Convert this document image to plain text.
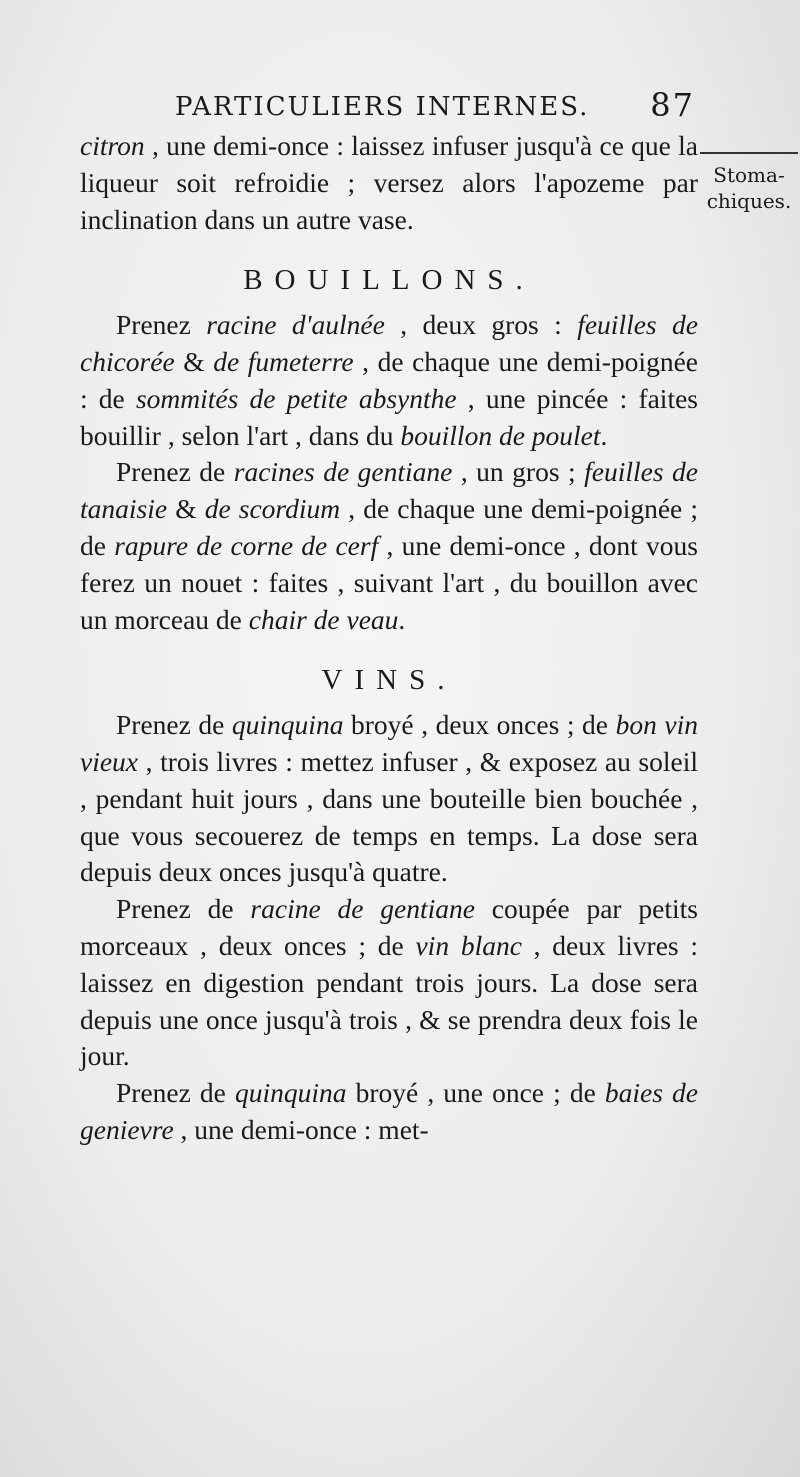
PARTICULIERS INTERNES. 87
Stoma-
chiques.

citron , une demi-once : laissez infuser jusqu'à ce que la liqueur soit refroidie ; versez alors l'apozeme par inclination dans un autre vase.

BOUILLONS.

Prenez racine d'aulnée , deux gros : feuilles de chicorée & de fumeterre , de chaque une demi-poignée : de sommités de petite absynthe , une pincée : faites bouillir , selon l'art , dans du bouillon de poulet.

Prenez de racines de gentiane , un gros ; feuilles de tanaisie & de scordium , de chaque une demi-poignée ; de rapure de corne de cerf , une demi-once , dont vous ferez un nouet : faites , suivant l'art , du bouillon avec un morceau de chair de veau.

VINS.

Prenez de quinquina broyé , deux onces ; de bon vin vieux , trois livres : mettez infuser , & exposez au soleil , pendant huit jours , dans une bouteille bien bouchée , que vous secouerez de temps en temps. La dose sera depuis deux onces jusqu'à quatre.

Prenez de racine de gentiane coupée par petits morceaux , deux onces ; de vin blanc , deux livres : laissez en digestion pendant trois jours. La dose sera depuis une once jusqu'à trois , & se prendra deux fois le jour.

Prenez de quinquina broyé , une once ; de baies de genievre , une demi-once : met-
